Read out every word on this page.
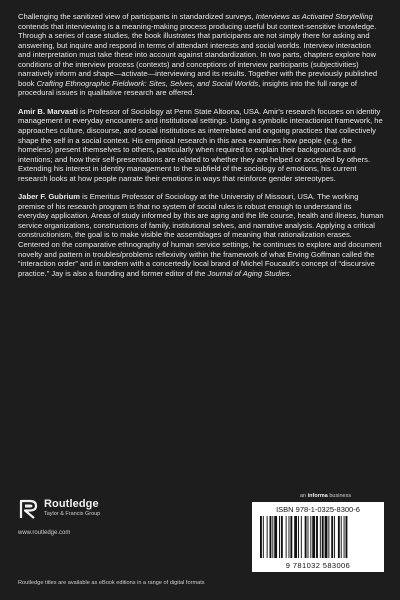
Challenging the sanitized view of participants in standardized surveys, Interviews as Activated Storytelling contends that interviewing is a meaning-making process producing useful but context-sensitive knowledge. Through a series of case studies, the book illustrates that participants are not simply there for asking and answering, but inquire and respond in terms of attendant interests and social worlds. Interview interaction and interpretation must take these into account against standardization. In two parts, chapters explore how conditions of the interview process (contexts) and conceptions of interview participants (subjectivities) narratively inform and shape—activate—interviewing and its results. Together with the previously published book Crafting Ethnographic Fieldwork: Sites, Selves, and Social Worlds, insights into the full range of procedural issues in qualitative research are offered.

Amir B. Marvasti is Professor of Sociology at Penn State Altoona, USA. Amir's research focuses on identity management in everyday encounters and institutional settings. Using a symbolic interactionist framework, he approaches culture, discourse, and social institutions as interrelated and ongoing practices that collectively shape the self in a social context. His empirical research in this area examines how people (e.g. the homeless) present themselves to others, particularly when required to explain their backgrounds and intentions; and how their self-presentations are related to whether they are helped or accepted by others. Extending his interest in identity management to the subfield of the sociology of emotions, his current research looks at how people narrate their emotions in ways that reinforce gender stereotypes.

Jaber F. Gubrium is Emeritus Professor of Sociology at the University of Missouri, USA. The working premise of his research program is that no system of social rules is robust enough to understand its everyday application. Areas of study informed by this are aging and the life course, health and illness, human service organizations, constructions of family, institutional selves, and narrative analysis. Applying a critical constructionism, the goal is to make visible the assemblages of meaning that rationalization erases. Centered on the comparative ethnography of human service settings, he continues to explore and document novelty and pattern in troubles/problems reflexivity within the framework of what Erving Goffman called the “interaction order” and in tandem with a concertedly local brand of Michel Foucault's concept of “discursive practice.” Jay is also a founding and former editor of the Journal of Aging Studies.

an informa business
Routledge
Taylor & Francis Group
www.routledge.com
ISBN 978-1-0325-8300-6
9 781032 583006
Routledge titles are available as eBook editions in a range of digital formats
